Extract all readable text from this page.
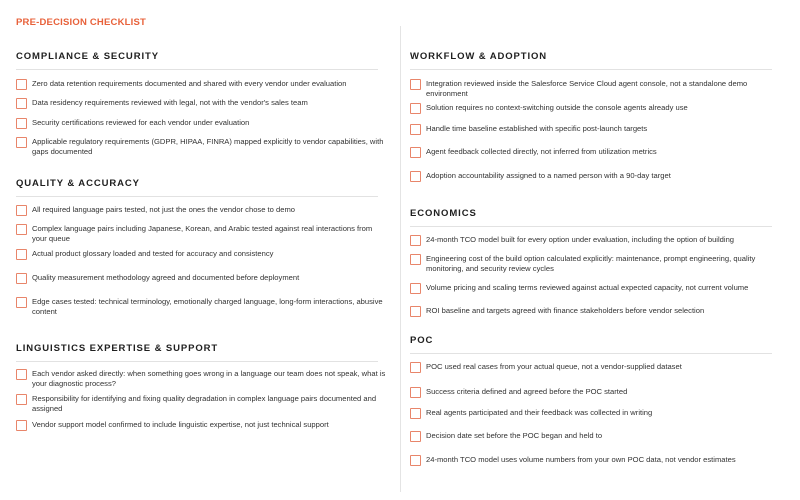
PRE-DECISION CHECKLIST
COMPLIANCE & SECURITY
Zero data retention requirements documented and shared with every vendor under evaluation
Data residency requirements reviewed with legal, not with the vendor's sales team
Security certifications reviewed for each vendor under evaluation
Applicable regulatory requirements (GDPR, HIPAA, FINRA) mapped explicitly to vendor capabilities, with gaps documented
QUALITY & ACCURACY
All required language pairs tested, not just the ones the vendor chose to demo
Complex language pairs including Japanese, Korean, and Arabic tested against real interactions from your queue
Actual product glossary loaded and tested for accuracy and consistency
Quality measurement methodology agreed and documented before deployment
Edge cases tested: technical terminology, emotionally charged language, long-form interactions, abusive content
LINGUISTICS EXPERTISE & SUPPORT
Each vendor asked directly: when something goes wrong in a language our team does not speak, what is your diagnostic process?
Responsibility for identifying and fixing quality degradation in complex language pairs documented and assigned
Vendor support model confirmed to include linguistic expertise, not just technical support
WORKFLOW & ADOPTION
Integration reviewed inside the Salesforce Service Cloud agent console, not a standalone demo environment
Solution requires no context-switching outside the console agents already use
Handle time baseline established with specific post-launch targets
Agent feedback collected directly, not inferred from utilization metrics
Adoption accountability assigned to a named person with a 90-day target
ECONOMICS
24-month TCO model built for every option under evaluation, including the option of building
Engineering cost of the build option calculated explicitly: maintenance, prompt engineering, quality monitoring, and security review cycles
Volume pricing and scaling terms reviewed against actual expected capacity, not current volume
ROI baseline and targets agreed with finance stakeholders before vendor selection
POC
POC used real cases from your actual queue, not a vendor-supplied dataset
Success criteria defined and agreed before the POC started
Real agents participated and their feedback was collected in writing
Decision date set before the POC began and held to
24-month TCO model uses volume numbers from your own POC data, not vendor estimates
